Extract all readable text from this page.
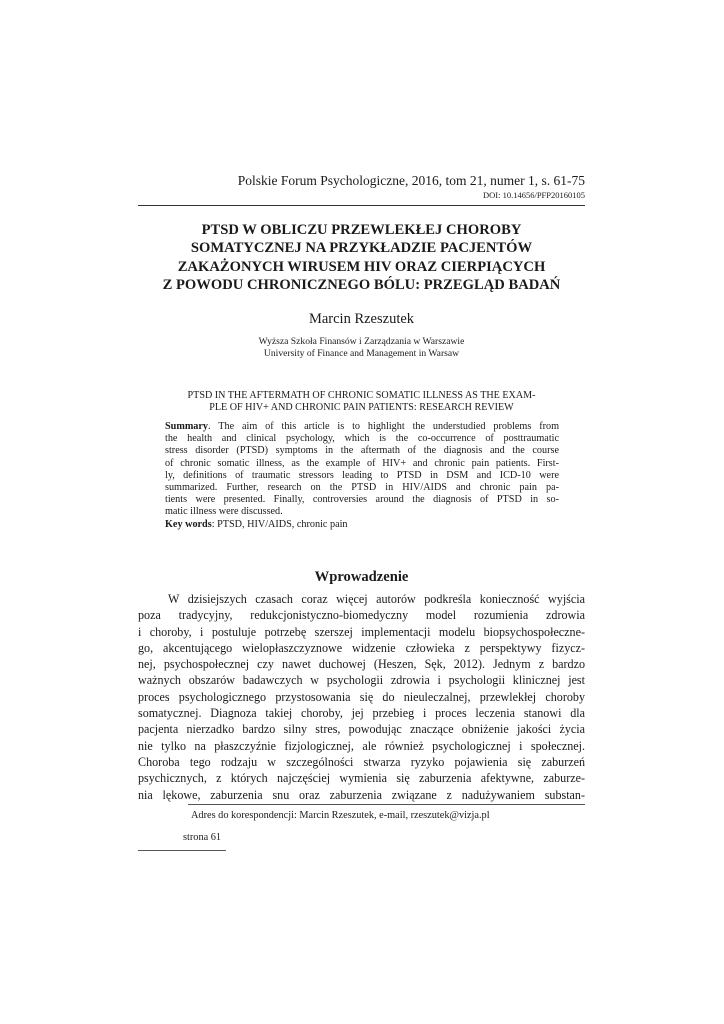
Polskie Forum Psychologiczne, 2016, tom 21, numer 1, s. 61-75
DOI: 10.14656/PFP20160105
PTSD W OBLICZU PRZEWLEKŁEJ CHOROBY
SOMATYCZNEJ NA PRZYKŁADZIE PACJENTÓW
ZAKAŻONYCH WIRUSEM HIV ORAZ CIERPIĄCYCH
Z POWODU CHRONICZNEGO BÓLU: PRZEGLĄD BADAŃ
Marcin Rzeszutek
Wyższa Szkoła Finansów i Zarządzania w Warszawie
University of Finance and Management in Warsaw
PTSD IN THE AFTERMATH OF CHRONIC SOMATIC ILLNESS AS THE EXAM-
PLE OF HIV+ AND CHRONIC PAIN PATIENTS: RESEARCH REVIEW
Summary. The aim of this article is to highlight the understudied problems from
the health and clinical psychology, which is the co-occurrence of posttraumatic
stress disorder (PTSD) symptoms in the aftermath of the diagnosis and the course
of chronic somatic illness, as the example of HIV+ and chronic pain patients. First-
ly, definitions of traumatic stressors leading to PTSD in DSM and ICD-10 were
summarized. Further, research on the PTSD in HIV/AIDS and chronic pain pa-
tients were presented. Finally, controversies around the diagnosis of PTSD in so-
matic illness were discussed.
Key words: PTSD, HIV/AIDS, chronic pain
Wprowadzenie
W dzisiejszych czasach coraz więcej autorów podkreśla konieczność wyjścia
poza tradycyjny, redukcjonistyczno-biomedyczny model rozumienia zdrowia
i choroby, i postuluje potrzebę szerszej implementacji modelu biopsychospołeczne-
go, akcentującego wielopłaszczyznowe widzenie człowieka z perspektywy fizycz-
nej, psychospołecznej czy nawet duchowej (Heszen, Sęk, 2012). Jednym z bardzo
ważnych obszarów badawczych w psychologii zdrowia i psychologii klinicznej jest
proces psychologicznego przystosowania się do nieuleczalnej, przewlekłej choroby
somatycznej. Diagnoza takiej choroby, jej przebieg i proces leczenia stanowi dla
pacjenta nierzadko bardzo silny stres, powodując znaczące obniżenie jakości życia
nie tylko na płaszczyźnie fizjologicznej, ale również psychologicznej i społecznej.
Choroba tego rodzaju w szczególności stwarza ryzyko pojawienia się zaburzeń
psychicznych, z których najczęściej wymienia się zaburzenia afektywne, zaburze-
nia lękowe, zaburzenia snu oraz zaburzenia związane z nadużywaniem substan-
Adres do korespondencji: Marcin Rzeszutek, e-mail, rzeszutek@vizja.pl
strona 61
